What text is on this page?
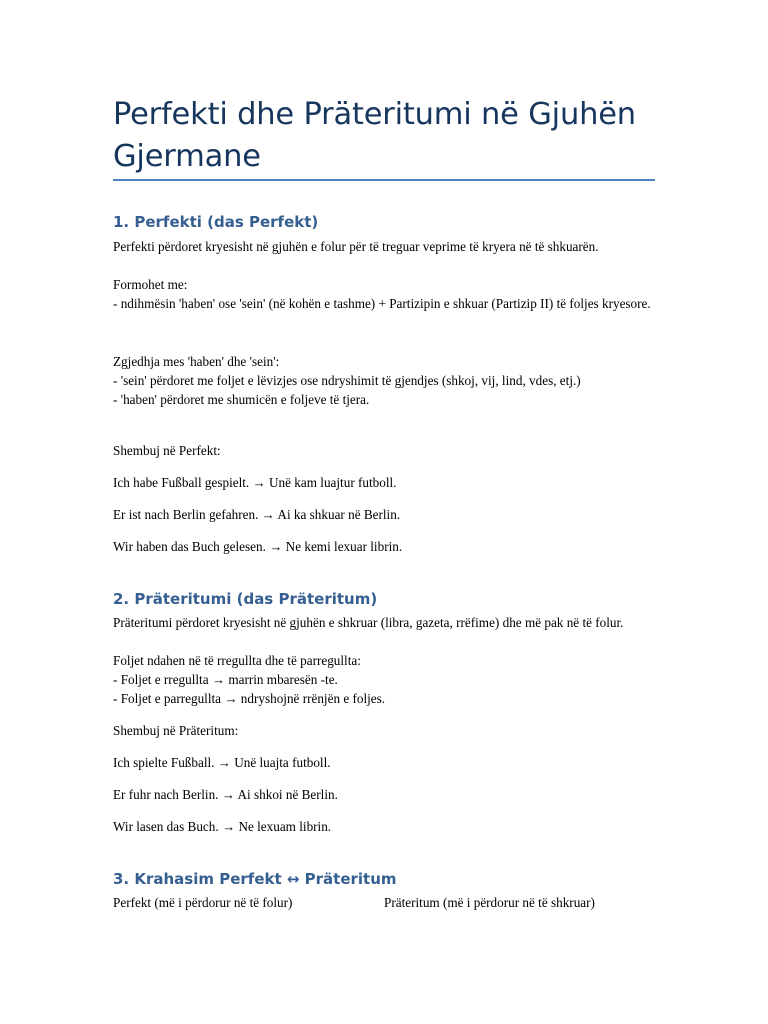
Perfekti dhe Präteritumi në Gjuhën Gjermane
1. Perfekti (das Perfekt)
Perfekti përdoret kryesisht në gjuhën e folur për të treguar veprime të kryera në të shkuarën.
Formohet me:
- ndihmësin 'haben' ose 'sein' (në kohën e tashme) + Partizipin e shkuar (Partizip II) të foljes kryesore.
Zgjedhja mes 'haben' dhe 'sein':
- 'sein' përdoret me foljet e lëvizjes ose ndryshimit të gjendjes (shkoj, vij, lind, vdes, etj.)
- 'haben' përdoret me shumicën e foljeve të tjera.
Shembuj në Perfekt:
Ich habe Fußball gespielt. → Unë kam luajtur futboll.
Er ist nach Berlin gefahren. → Ai ka shkuar në Berlin.
Wir haben das Buch gelesen. → Ne kemi lexuar librin.
2. Präteritumi (das Präteritum)
Präteritumi përdoret kryesisht në gjuhën e shkruar (libra, gazeta, rrëfime) dhe më pak në të folur.
Foljet ndahen në të rregullta dhe të parregullta:
- Foljet e rregullta → marrin mbaresën -te.
- Foljet e parregullta → ndryshojnë rrënjën e foljes.
Shembuj në Präteritum:
Ich spielte Fußball. → Unë luajta futboll.
Er fuhr nach Berlin. → Ai shkoi në Berlin.
Wir lasen das Buch. → Ne lexuam librin.
3. Krahasim Perfekt ↔ Präteritum
Perfekt (më i përdorur në të folur)	Präteritum (më i përdorur në të shkruar)
